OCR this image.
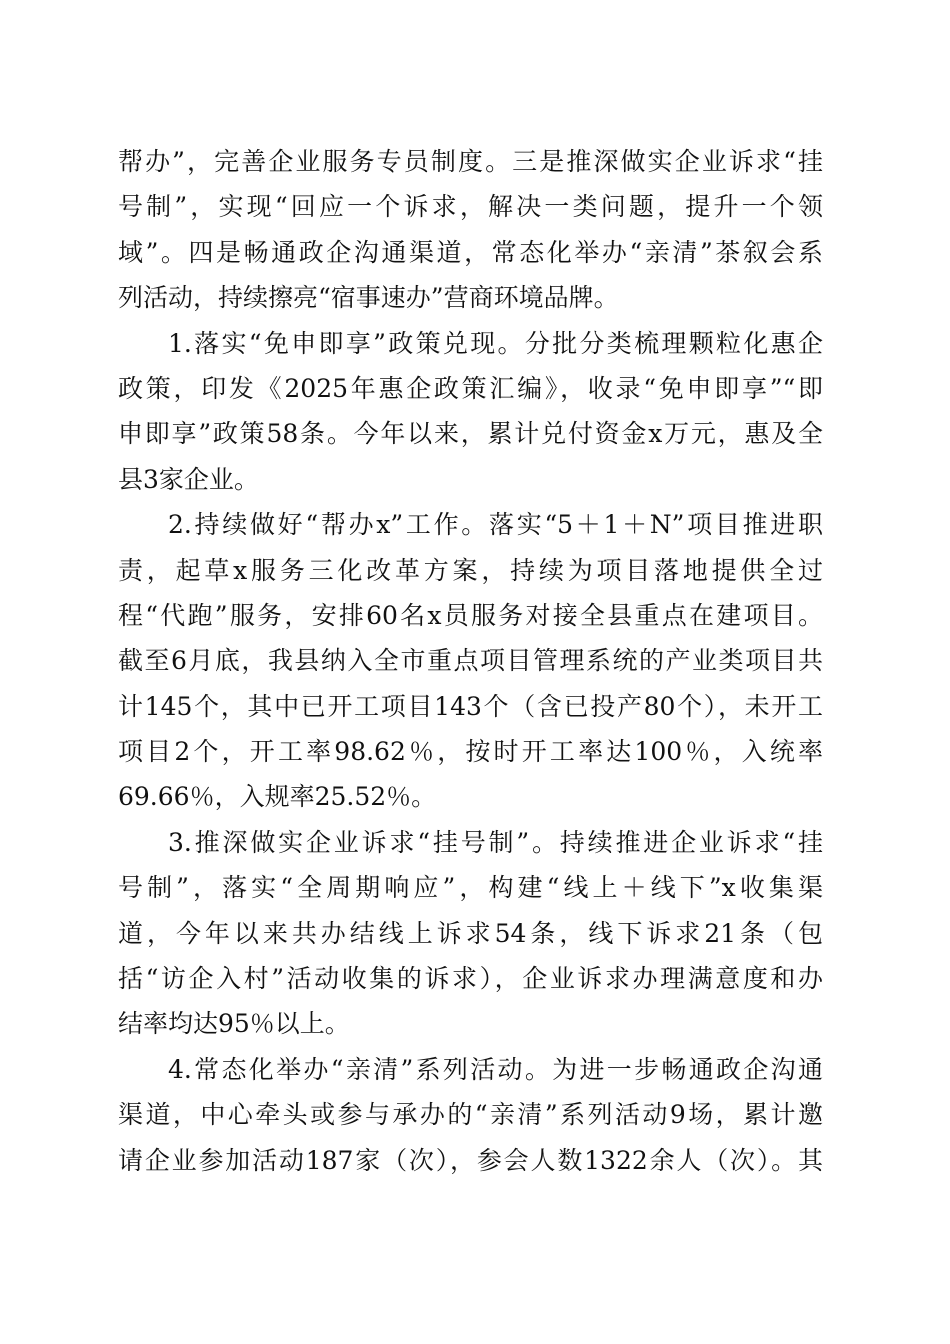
帮办”，完善企业服务专员制度。三是推深做实企业诉求“挂
号制”，实现“回应一个诉求，解决一类问题，提升一个领
域”。四是畅通政企沟通渠道，常态化举办“亲清”茶叙会系
列活动，持续擦亮“宿事速办”营商环境品牌。
1.落实“免申即享”政策兑现。分批分类梳理颗粒化惠企
政策，印发《2025年惠企政策汇编》，收录“免申即享”“即
申即享”政策58条。今年以来，累计兑付资金x万元，惠及全
县3家企业。
2.持续做好“帮办x”工作。落实“5＋1＋N”项目推进职
责，起草x服务三化改革方案，持续为项目落地提供全过
程“代跑”服务，安排60名x员服务对接全县重点在建项目。
截至6月底，我县纳入全市重点项目管理系统的产业类项目共
计145个，其中已开工项目143个（含已投产80个），未开工
项目2个，开工率98.62％，按时开工率达100％，入统率
69.66％，入规率25.52％。
3.推深做实企业诉求“挂号制”。持续推进企业诉求“挂
号制”，落实“全周期响应”，构建“线上＋线下”x收集渠
道，今年以来共办结线上诉求54条，线下诉求21条（包
括“访企入村”活动收集的诉求），企业诉求办理满意度和办
结率均达95％以上。
4.常态化举办“亲清”系列活动。为进一步畅通政企沟通
渠道，中心牵头或参与承办的“亲清”系列活动9场，累计邀
请企业参加活动187家（次），参会人数1322余人（次）。其
